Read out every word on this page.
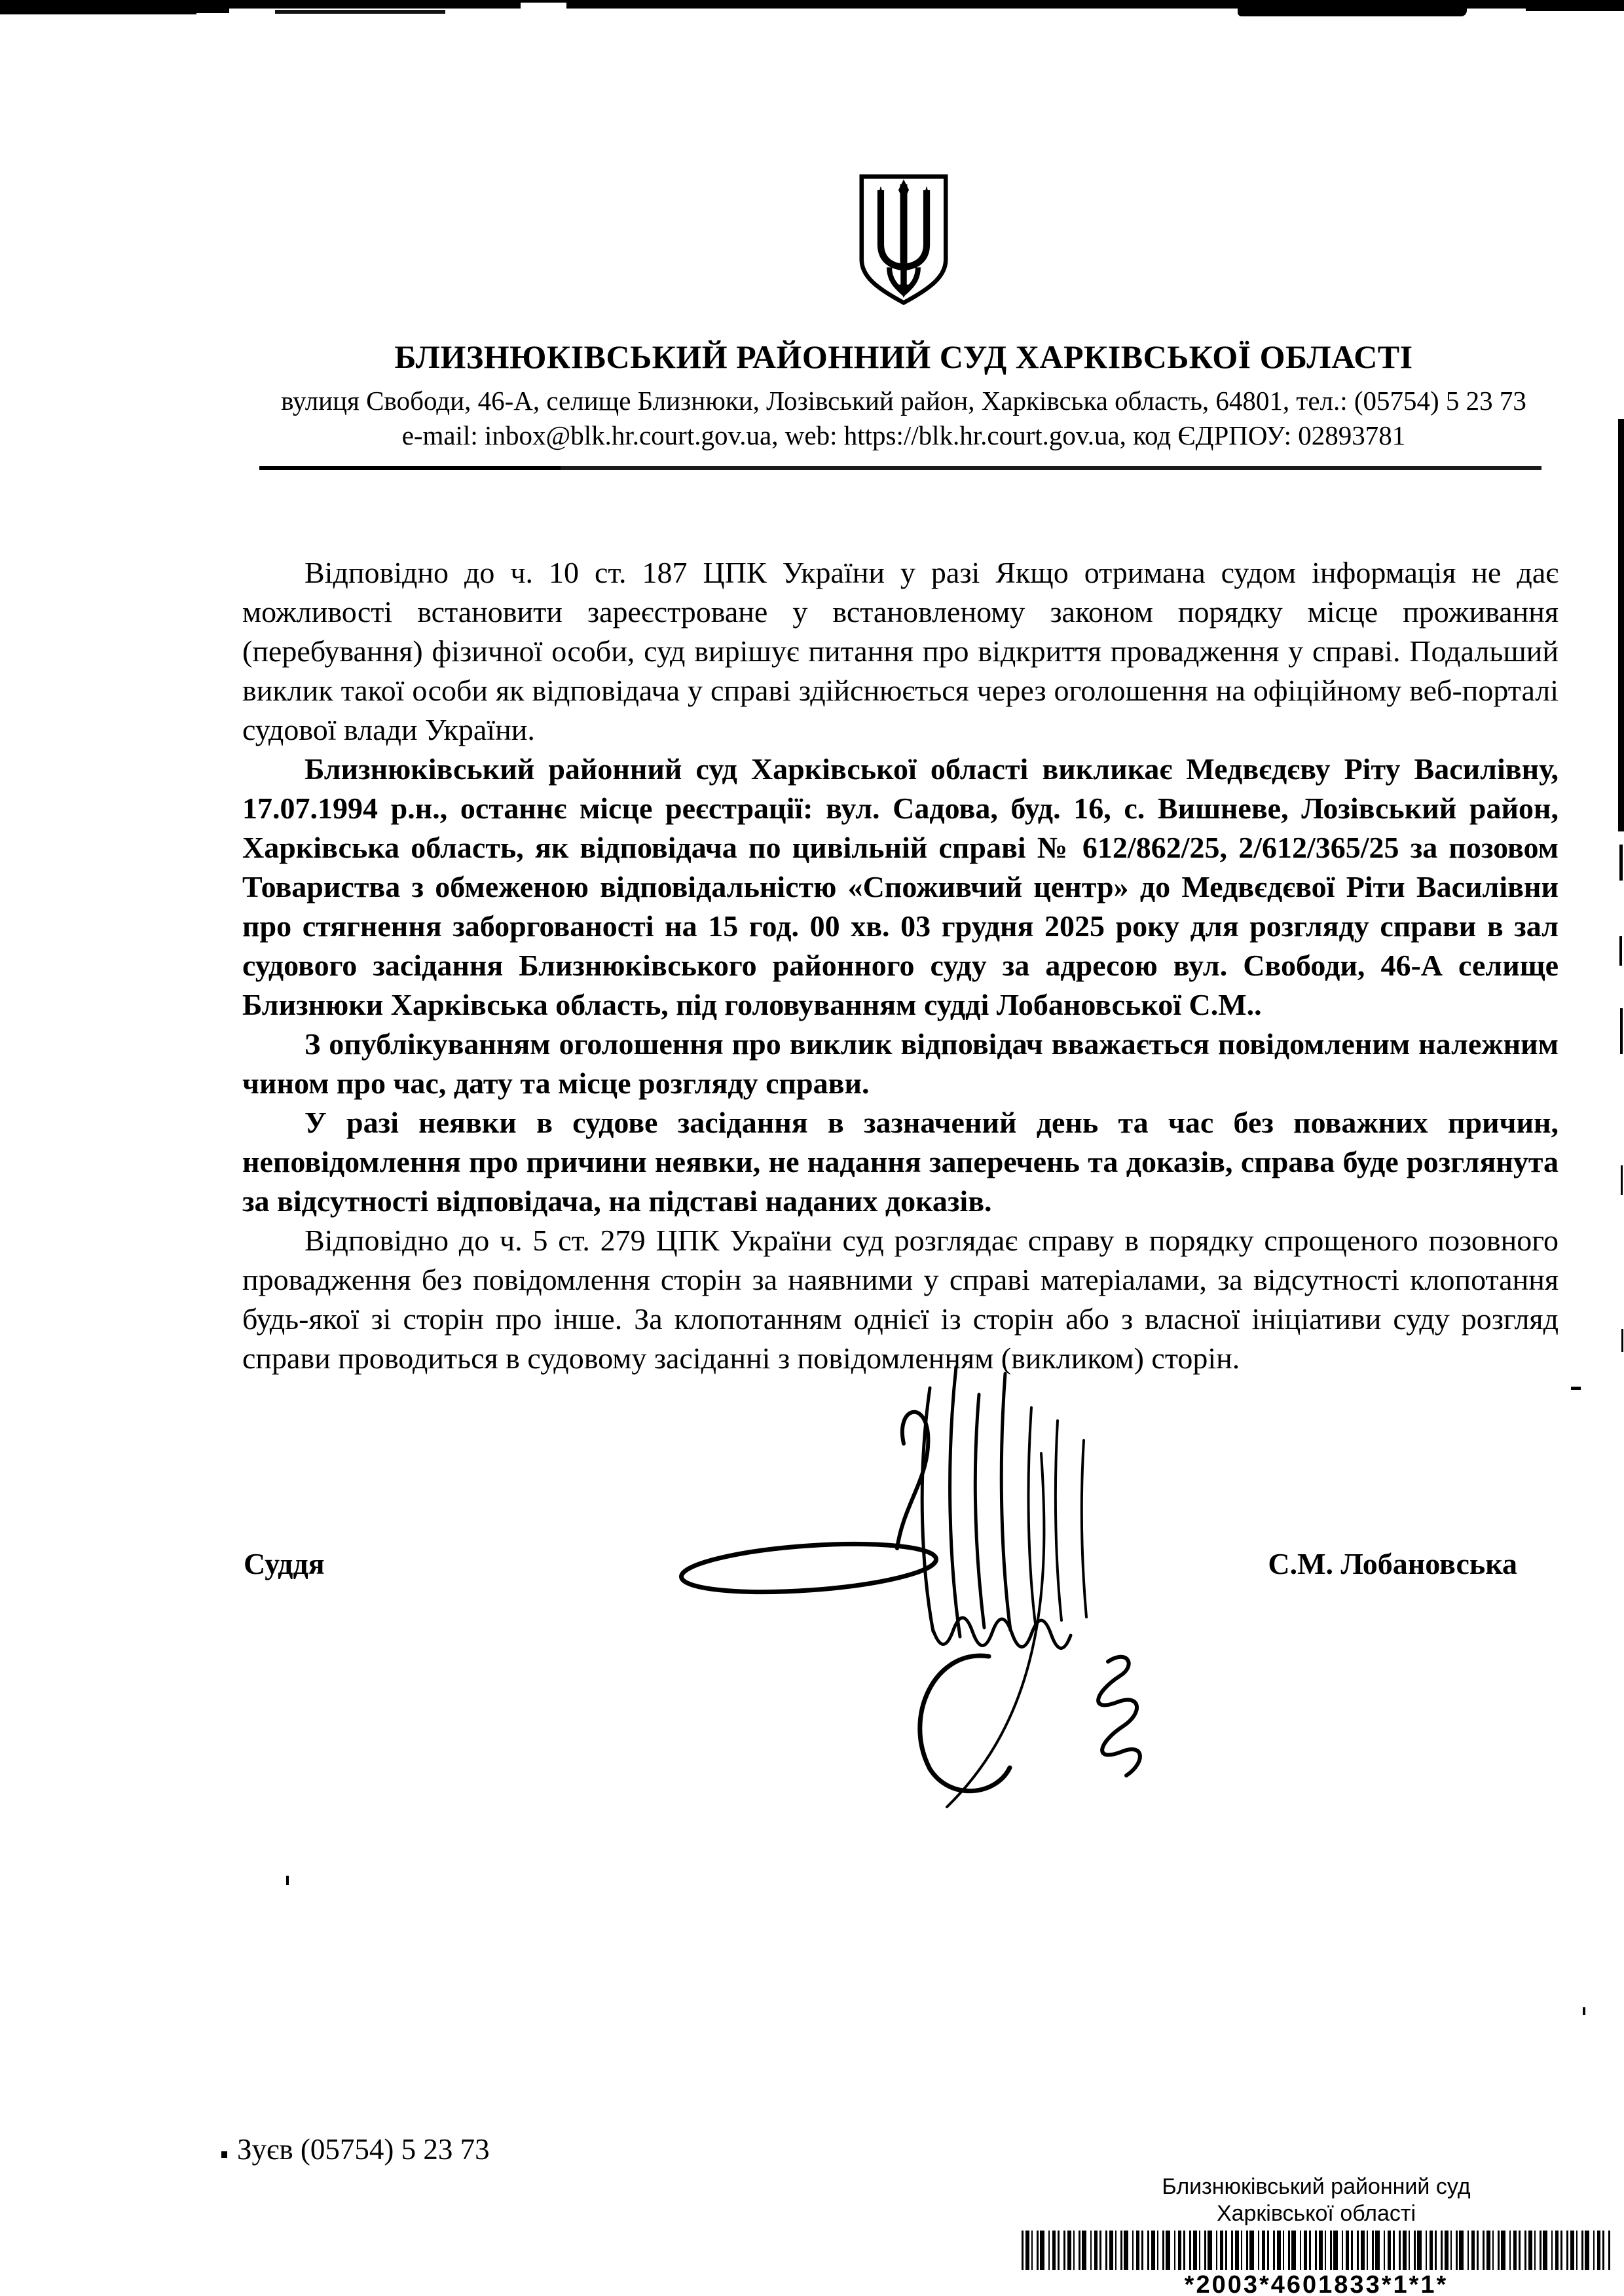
БЛИЗНЮКІВСЬКИЙ РАЙОННИЙ СУД ХАРКІВСЬКОЇ ОБЛАСТІ

вулиця Свободи, 46-А, селище Близнюки, Лозівський район, Харківська область, 64801, тел.: (05754) 5 23 73

e-mail: inbox@blk.hr.court.gov.ua, web: https://blk.hr.court.gov.ua, код ЄДРПОУ: 02893781

Відповідно до ч. 10 ст. 187 ЦПК України у разі Якщо отримана судом інформація не дає можливості встановити зареєстроване у встановленому законом порядку місце проживання (перебування) фізичної особи, суд вирішує питання про відкриття провадження у справі. Подальший виклик такої особи як відповідача у справі здійснюється через оголошення на офіційному веб-порталі судової влади України.

Близнюківський районний суд Харківської області викликає Медвєдєву Ріту Василівну, 17.07.1994 р.н., останнє місце реєстрації: вул. Садова, буд. 16, с. Вишневе, Лозівський район, Харківська область, як відповідача по цивільній справі № 612/862/25, 2/612/365/25 за позовом Товариства з обмеженою відповідальністю «Споживчий центр» до Медвєдєвої Ріти Василівни про стягнення заборгованості на 15 год. 00 хв. 03 грудня 2025 року для розгляду справи в зал судового засідання Близнюківського районного суду за адресою вул. Свободи, 46-А селище Близнюки Харківська область, під головуванням судді Лобановської С.М..

З опублікуванням оголошення про виклик відповідач вважається повідомленим належним чином про час, дату та місце розгляду справи.

У разі неявки в судове засідання в зазначений день та час без поважних причин, неповідомлення про причини неявки, не надання заперечень та доказів, справа буде розглянута за відсутності відповідача, на підставі наданих доказів.

Відповідно до ч. 5 ст. 279 ЦПК України суд розглядає справу в порядку спрощеного позовного провадження без повідомлення сторін за наявними у справі матеріалами, за відсутності клопотання будь-якої зі сторін про інше. За клопотанням однієї із сторін або з власної ініціативи суду розгляд справи проводиться в судовому засіданні з повідомленням (викликом) сторін.

Суддя	С.М. Лобановська

Зуєв (05754) 5 23 73

Близнюківський районний суд

Харківської області

*2003*4601833*1*1*
